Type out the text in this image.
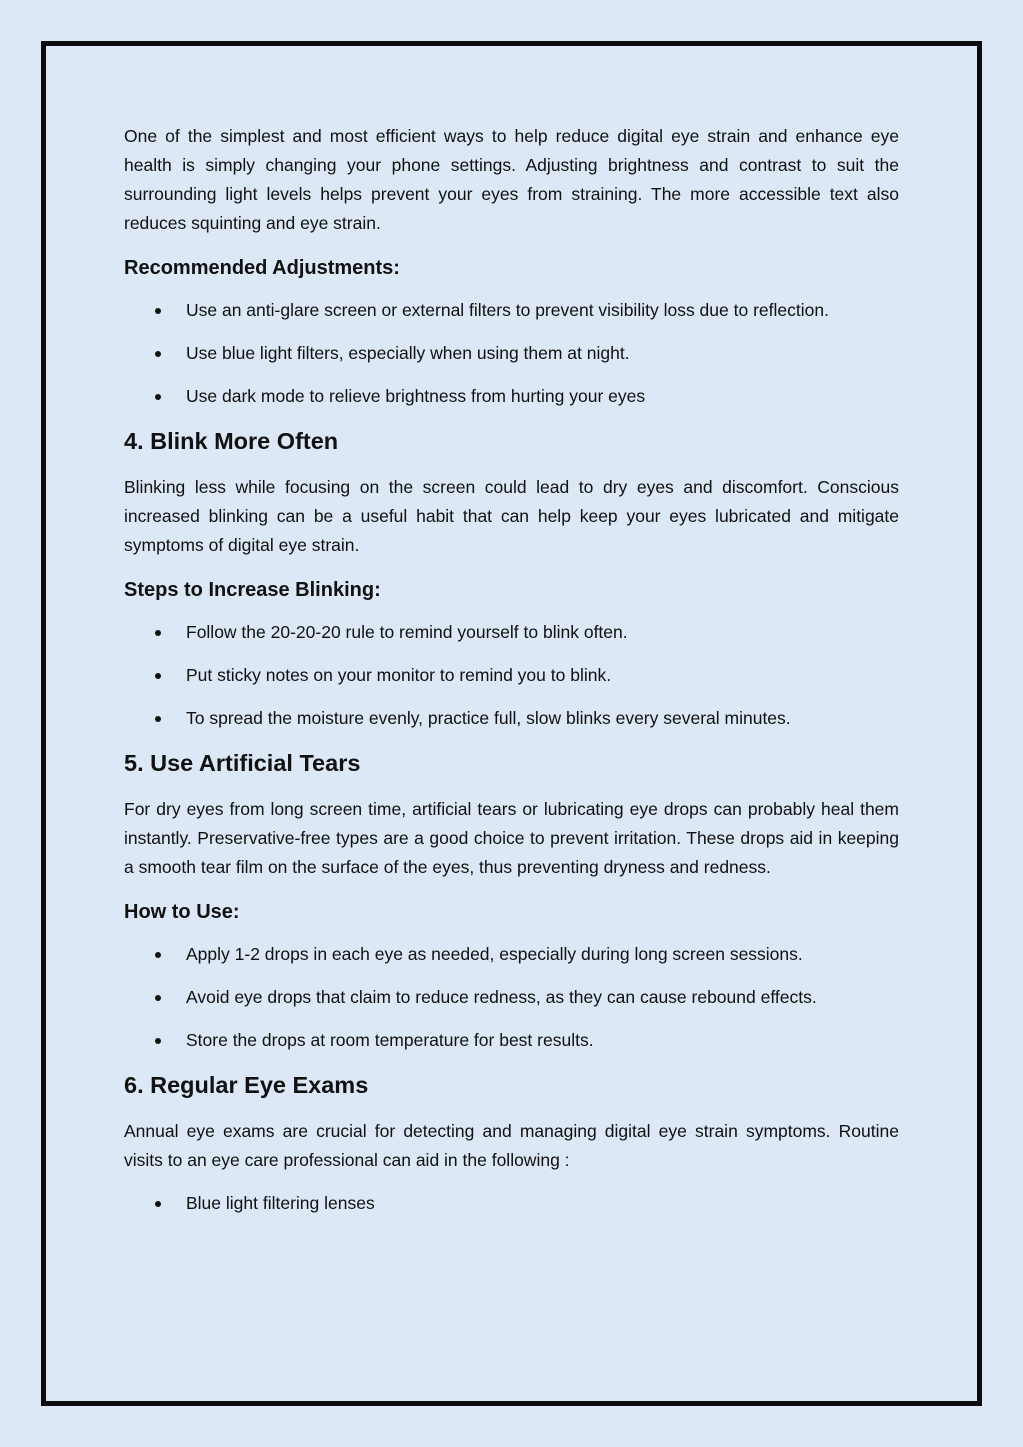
One of the simplest and most efficient ways to help reduce digital eye strain and enhance eye health is simply changing your phone settings. Adjusting brightness and contrast to suit the surrounding light levels helps prevent your eyes from straining. The more accessible text also reduces squinting and eye strain.

Recommended Adjustments:
Use an anti-glare screen or external filters to prevent visibility loss due to reflection.
Use blue light filters, especially when using them at night.
Use dark mode to relieve brightness from hurting your eyes
4. Blink More Often

Blinking less while focusing on the screen could lead to dry eyes and discomfort. Conscious increased blinking can be a useful habit that can help keep your eyes lubricated and mitigate symptoms of digital eye strain.

Steps to Increase Blinking:
Follow the 20-20-20 rule to remind yourself to blink often.
Put sticky notes on your monitor to remind you to blink.
To spread the moisture evenly, practice full, slow blinks every several minutes.
5. Use Artificial Tears

For dry eyes from long screen time, artificial tears or lubricating eye drops can probably heal them instantly. Preservative-free types are a good choice to prevent irritation. These drops aid in keeping a smooth tear film on the surface of the eyes, thus preventing dryness and redness.

How to Use:
Apply 1-2 drops in each eye as needed, especially during long screen sessions.
Avoid eye drops that claim to reduce redness, as they can cause rebound effects.
Store the drops at room temperature for best results.
6. Regular Eye Exams

Annual eye exams are crucial for detecting and managing digital eye strain symptoms. Routine visits to an eye care professional can aid in the following :

Blue light filtering lenses
